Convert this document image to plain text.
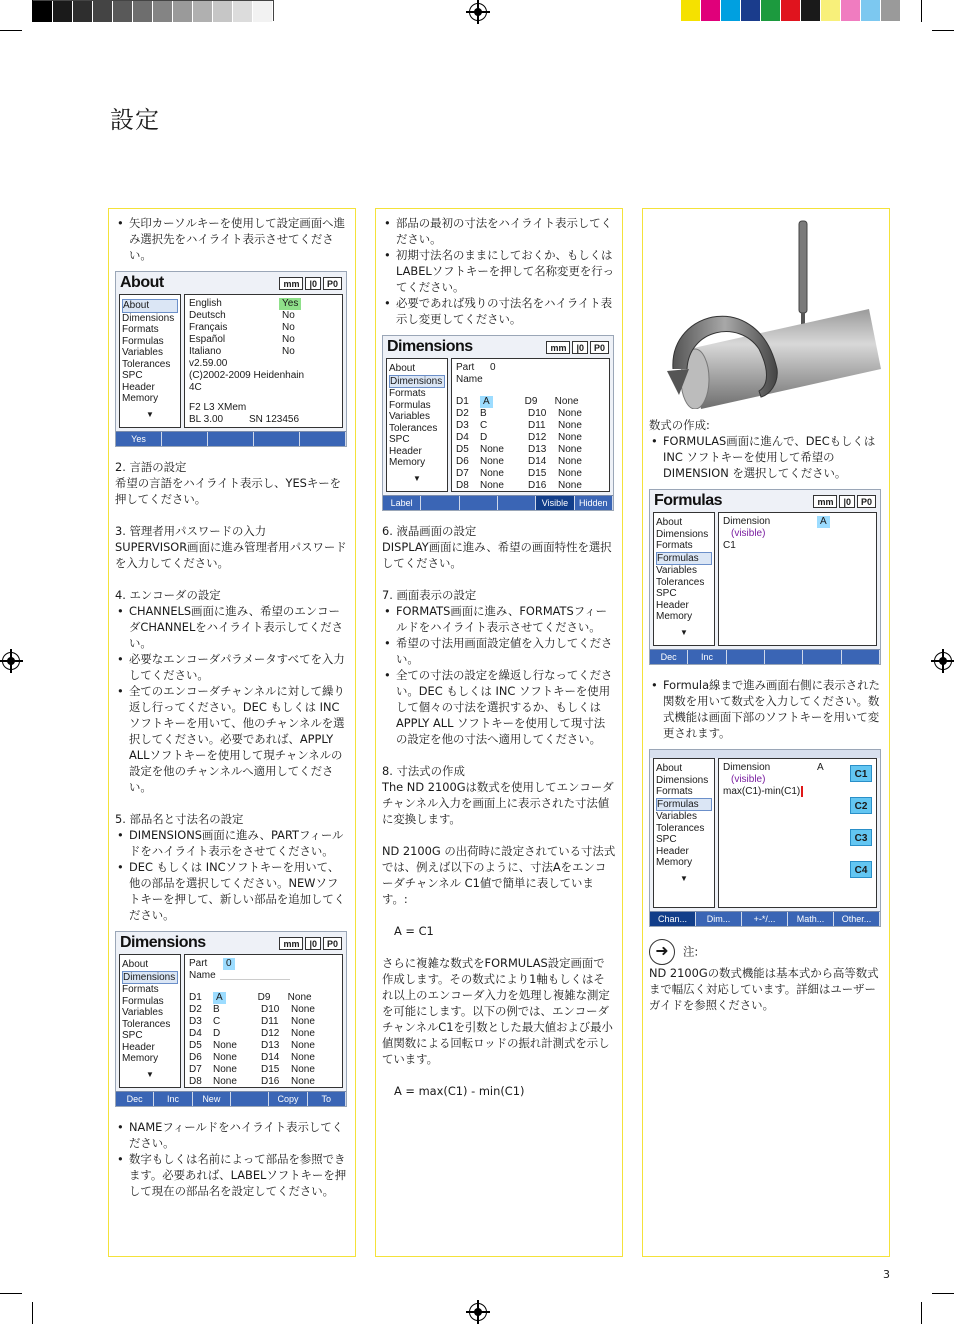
設定
• 矢印カーソルキーを使用して設定画面へ進み選択先をハイライト表示させてください。
About	mm	|0	P0
About
Dimensions
Formats
Formulas
Variables
Tolerances
SPC
Header
Memory
▼
English	Yes
Deutsch	No
Français	No
Español	No
Italiano	No
v2.59.00
(C)2002-2009 Heidenhain
4C
F2 L3 XMem
BL 3.00	SN 123456
Yes
2. 言語の設定
希望の言語をハイライト表示し、YESキーを押してください。
3. 管理者用パスワードの入力
SUPERVISOR画面に進み管理者用パスワードを入力してください。
4. エンコーダの設定
• CHANNELS画面に進み、希望のエンコーダCHANNELをハイライト表示してください。
• 必要なエンコーダパラメータすべてを入力してください。
• 全てのエンコーダチャンネルに対して繰り返し行ってください。DEC もしくは INCソフトキーを用いて、他のチャンネルを選択してください。必要であれば、APPLY ALLソフトキーを使用して現チャンネルの設定を他のチャンネルへ適用してください。
5. 部品名と寸法名の設定
• DIMENSIONS画面に進み、PARTフィールドをハイライト表示をさせてください。
• DEC もしくは INCソフトキーを用いて、他の部品を選択してください。NEWソフトキーを押して、新しい部品を追加してください。
Dimensions	mm	|0	P0
About
Dimensions
Formats
Formulas
Variables
Tolerances
SPC
Header
Memory
▼
Part	0
Name
D1	A	D9	None
D2	B	D10	None
D3	C	D11	None
D4	D	D12	None
D5	None	D13	None
D6	None	D14	None
D7	None	D15	None
D8	None	D16	None
Dec	Inc	New	Copy	To
• NAMEフィールドをハイライト表示してください。
• 数字もしくは名前によって部品を参照できます。必要あれば、LABELソフトキーを押して現在の部品名を設定してください。
• 部品の最初の寸法をハイライト表示してください。
• 初期寸法名のままにしておくか、もしくはLABELソフトキーを押して名称変更を行ってください。
• 必要であれば残りの寸法名をハイライト表示し変更してください。
Dimensions	mm	|0	P0
About
Dimensions
Formats
Formulas
Variables
Tolerances
SPC
Header
Memory
▼
Part	0
Name
D1	A	D9	None
D2	B	D10	None
D3	C	D11	None
D4	D	D12	None
D5	None	D13	None
D6	None	D14	None
D7	None	D15	None
D8	None	D16	None
Label	Visible	Hidden
6. 液晶画面の設定
DISPLAY画面に進み、希望の画面特性を選択してください。
7. 画面表示の設定
• FORMATS画面に進み、FORMATSフィールドをハイライト表示させてください。
• 希望の寸法用画面設定値を入力してください。
• 全ての寸法の設定を繰返し行なってください。DEC もしくは INC ソフトキーを使用して個々の寸法を選択するか、もしくはAPPLY ALL ソフトキーを使用して現寸法の設定を他の寸法へ適用してください。
8. 寸法式の作成
The ND 2100Gは数式を使用してエンコーダチャンネル入力を画面上に表示された寸法値に変換します。
ND 2100G の出荷時に設定されている寸法式では、例えば以下のように、寸法Aをエンコーダチャンネル C1値で簡単に表しています。:
A = C1
さらに複雑な数式をFORMULAS設定画面で作成します。その数式により1軸もしくはそれ以上のエンコーダ入力を処理し複雑な測定を可能にします。以下の例では、エンコーダチャンネルC1を引数とした最大値および最小値関数による回転ロッドの振れ計測式を示しています。
A = max(C1) - min(C1)
数式の作成:
• FORMULAS画面に進んで、DECもしくは INC ソフトキーを使用して希望の DIMENSION を選択してください。
Formulas	mm	|0	P0
About
Dimensions
Formats
Formulas
Variables
Tolerances
SPC
Header
Memory
▼
Dimension	A
(visible)
C1
Dec	Inc
• Formula線まで進み画面右側に表示された関数を用いて数式を入力してください。数式機能は画面下部のソフトキーを用いて変更されます。
About
Dimensions
Formats
Formulas
Variables
Tolerances
SPC
Header
Memory
▼
Dimension	A
(visible)
max(C1)-min(C1)
C1
C2
C3
C4
Chan...	Dim...	+-*/...	Math...	Other...
➜ 注:
ND 2100Gの数式機能は基本式から高等数式まで幅広く対応しています。詳細はユーザーガイドを参照ください。
3
